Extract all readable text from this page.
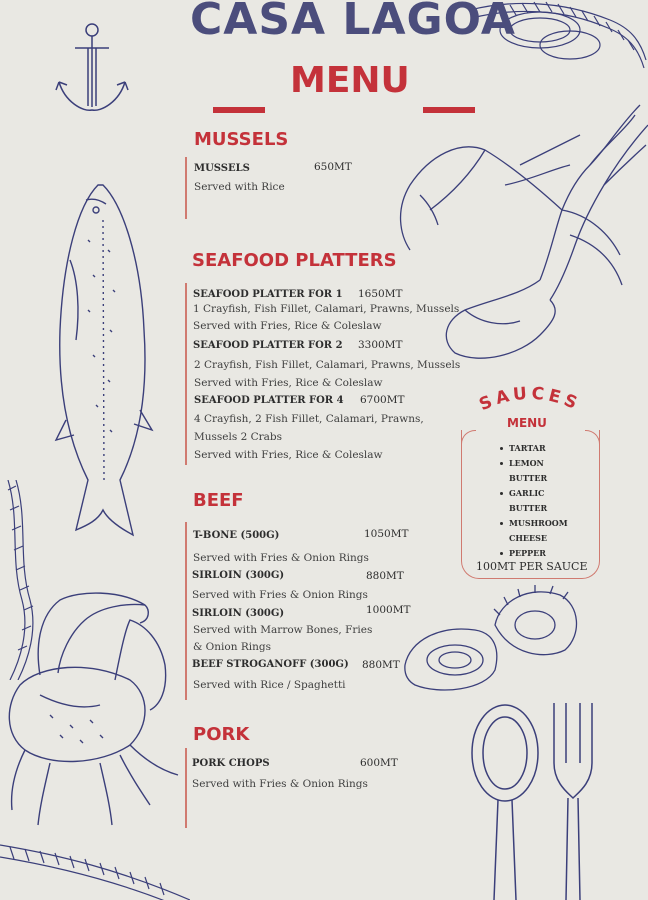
CASA LAGOA
MENU
MUSSELS
MUSSELS	650MT
Served with Rice
SEAFOOD PLATTERS
SEAFOOD PLATTER FOR 1 1650MT
1 Crayfish, Fish Fillet, Calamari, Prawns, Mussels
Served with Fries, Rice & Coleslaw
SEAFOOD PLATTER FOR 2 3300MT
2 Crayfish, Fish Fillet, Calamari, Prawns, Mussels
Served with Fries, Rice & Coleslaw
SEAFOOD PLATTER FOR 4 6700MT
4 Crayfish, 2 Fish Fillet, Calamari, Prawns,
Mussels 2 Crabs
Served with Fries, Rice & Coleslaw
BEEF
T-BONE (500G)	1050MT
Served with Fries & Onion Rings
SIRLOIN (300G)	880MT
Served with Fries & Onion Rings
SIRLOIN (300G)	1000MT
Served with Marrow Bones, Fries
& Onion Rings
BEEF STROGANOFF (300G) 880MT
Served with Rice / Spaghetti
PORK
PORK CHOPS	600MT
Served with Fries & Onion Rings
SAUCES
MENU
TARTAR
LEMON
BUTTER
GARLIC
BUTTER
MUSHROOM
CHEESE
PEPPER
100MT PER SAUCE
